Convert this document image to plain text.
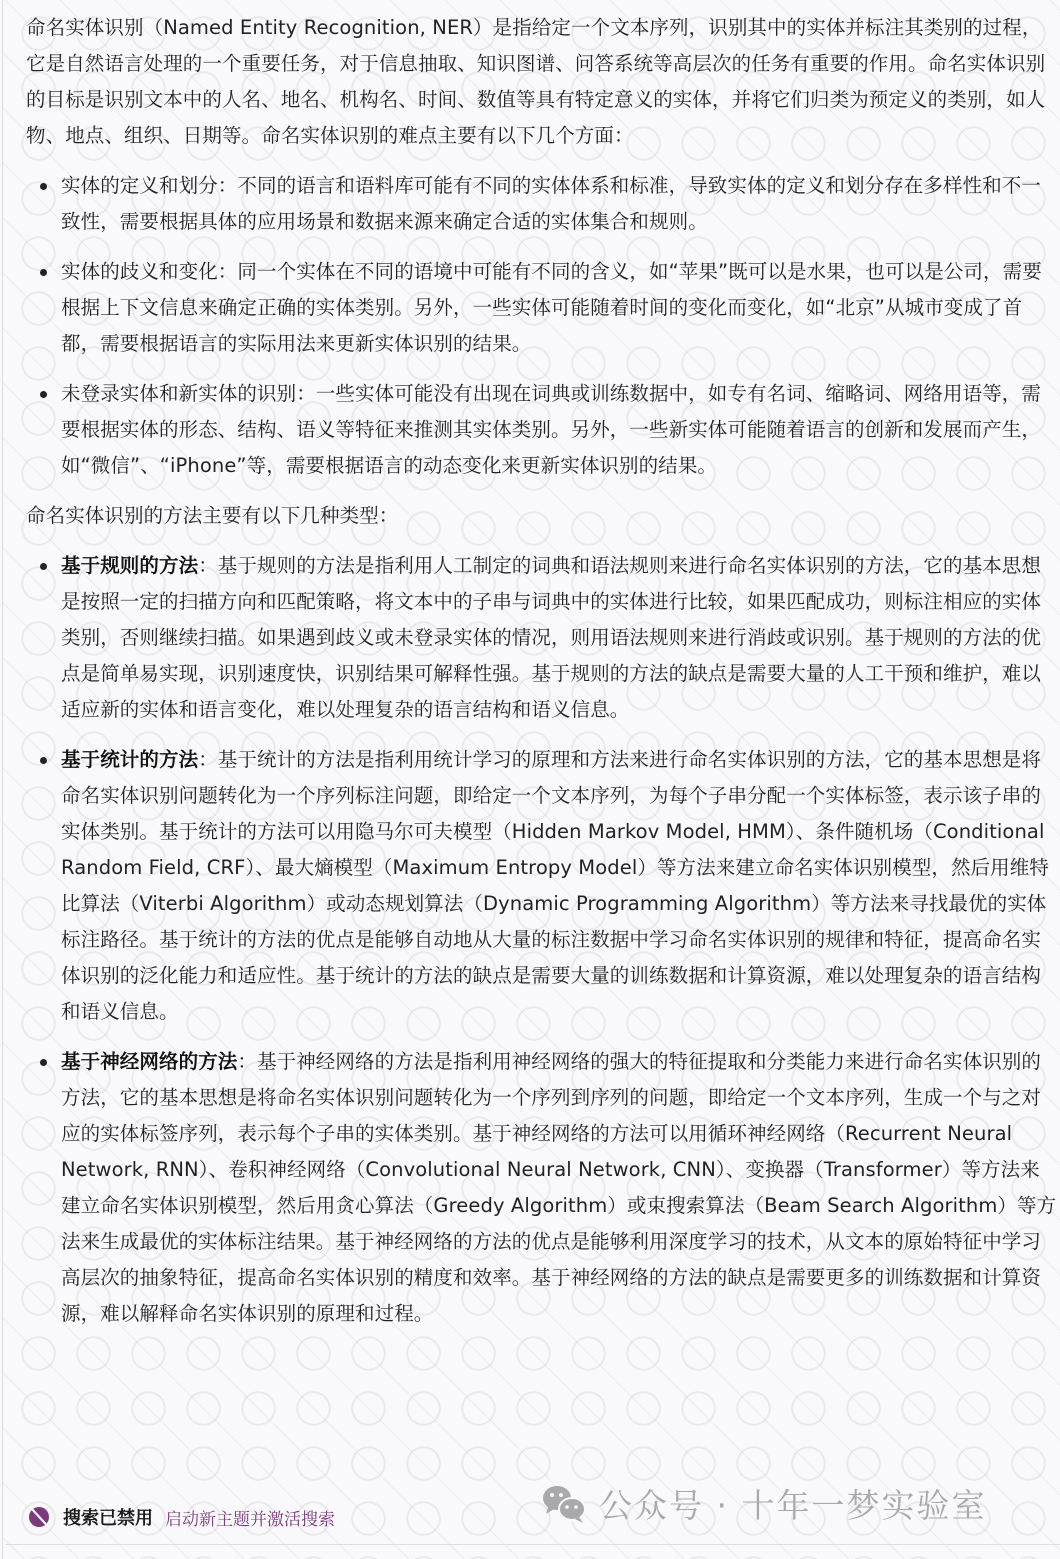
命名实体识别（Named Entity Recognition, NER）是指给定一个文本序列，识别其中的实体并标注其类别的过程，它是自然语言处理的一个重要任务，对于信息抽取、知识图谱、问答系统等高层次的任务有重要的作用。命名实体识别的目标是识别文本中的人名、地名、机构名、时间、数值等具有特定意义的实体，并将它们归类为预定义的类别，如人物、地点、组织、日期等。命名实体识别的难点主要有以下几个方面：

实体的定义和划分：不同的语言和语料库可能有不同的实体体系和标准，导致实体的定义和划分存在多样性和不一致性，需要根据具体的应用场景和数据来源来确定合适的实体集合和规则。
实体的歧义和变化：同一个实体在不同的语境中可能有不同的含义，如“苹果”既可以是水果，也可以是公司，需要根据上下文信息来确定正确的实体类别。另外，一些实体可能随着时间的变化而变化，如“北京”从城市变成了首都，需要根据语言的实际用法来更新实体识别的结果。
未登录实体和新实体的识别：一些实体可能没有出现在词典或训练数据中，如专有名词、缩略词、网络用语等，需要根据实体的形态、结构、语义等特征来推测其实体类别。另外，一些新实体可能随着语言的创新和发展而产生，如“微信”、“iPhone”等，需要根据语言的动态变化来更新实体识别的结果。

命名实体识别的方法主要有以下几种类型：

基于规则的方法：基于规则的方法是指利用人工制定的词典和语法规则来进行命名实体识别的方法，它的基本思想是按照一定的扫描方向和匹配策略，将文本中的子串与词典中的实体进行比较，如果匹配成功，则标注相应的实体类别，否则继续扫描。如果遇到歧义或未登录实体的情况，则用语法规则来进行消歧或识别。基于规则的方法的优点是简单易实现，识别速度快，识别结果可解释性强。基于规则的方法的缺点是需要大量的人工干预和维护，难以适应新的实体和语言变化，难以处理复杂的语言结构和语义信息。
基于统计的方法：基于统计的方法是指利用统计学习的原理和方法来进行命名实体识别的方法，它的基本思想是将命名实体识别问题转化为一个序列标注问题，即给定一个文本序列，为每个子串分配一个实体标签，表示该子串的实体类别。基于统计的方法可以用隐马尔可夫模型（Hidden Markov Model, HMM）、条件随机场（Conditional Random Field, CRF）、最大熵模型（Maximum Entropy Model）等方法来建立命名实体识别模型，然后用维特比算法（Viterbi Algorithm）或动态规划算法（Dynamic Programming Algorithm）等方法来寻找最优的实体标注路径。基于统计的方法的优点是能够自动地从大量的标注数据中学习命名实体识别的规律和特征，提高命名实体识别的泛化能力和适应性。基于统计的方法的缺点是需要大量的训练数据和计算资源，难以处理复杂的语言结构和语义信息。
基于神经网络的方法：基于神经网络的方法是指利用神经网络的强大的特征提取和分类能力来进行命名实体识别的方法，它的基本思想是将命名实体识别问题转化为一个序列到序列的问题，即给定一个文本序列，生成一个与之对应的实体标签序列，表示每个子串的实体类别。基于神经网络的方法可以用循环神经网络（Recurrent Neural Network, RNN）、卷积神经网络（Convolutional Neural Network, CNN）、变换器（Transformer）等方法来建立命名实体识别模型，然后用贪心算法（Greedy Algorithm）或束搜索算法（Beam Search Algorithm）等方法来生成最优的实体标注结果。基于神经网络的方法的优点是能够利用深度学习的技术，从文本的原始特征中学习高层次的抽象特征，提高命名实体识别的精度和效率。基于神经网络的方法的缺点是需要更多的训练数据和计算资源，难以解释命名实体识别的原理和过程。
搜索已禁用 启动新主题并激活搜索	公众号 · 十年一梦实验室
